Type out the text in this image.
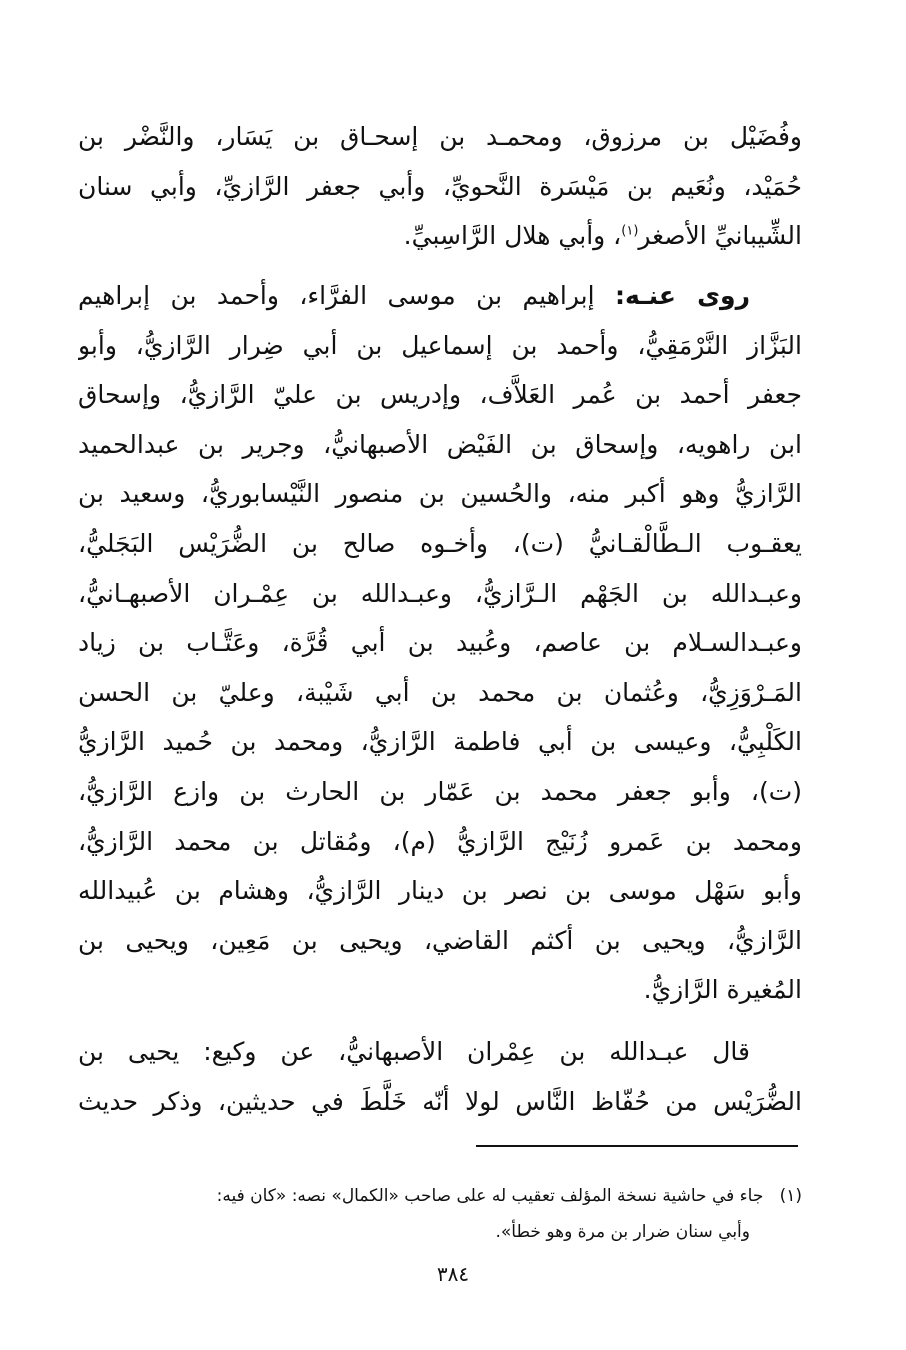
وفُضَيْل بن مرزوق، ومحمـد بن إسحـاق بن يَسَار، والنَّضْر بن
حُمَيْد، ونُعَيم بن مَيْسَرة النَّحويِّ، وأبي جعفر الرَّازيِّ، وأبي سنان
الشِّيبانيِّ الأصغر$^{(١)}$، وأبي هلال الرَّاسِبيِّ.
روى عنـه: إبراهيم بن موسى الفرَّاء، وأحمد بن إبراهيم
البَزَّاز النَّرْمَقِيُّ، وأحمد بن إسماعيل بن أبي ضِرار الرَّازيُّ، وأبو
جعفر أحمد بن عُمر العَلاَّف، وإدريس بن عليّ الرَّازيُّ، وإسحاق
ابن راهويه، وإسحاق بن الفَيْض الأصبهانيُّ، وجرير بن عبدالحميد
الرَّازيُّ وهو أكبر منه، والحُسين بن منصور النَّيْسابوريُّ، وسعيد بن
يعقـوب الـطَّالْقـانيُّ (ت)، وأخـوه صالح بن الضُّرَيْس البَجَليُّ،
وعبـدالله بن الجَهْم الـرَّازيُّ، وعبـدالله بن عِمْـران الأصبهـانيُّ،
وعبـدالسـلام بن عاصم، وعُبيد بن أبي قُرَّة، وعَتَّـاب بن زياد
المَـرْوَزِيُّ، وعُثمان بن محمد بن أبي شَيْبة، وعليّ بن الحسن
الكَلْبِيُّ، وعيسى بن أبي فاطمة الرَّازيُّ، ومحمد بن حُميد الرَّازيُّ
(ت)، وأبو جعفر محمد بن عَمّار بن الحارث بن وازع الرَّازيُّ،
ومحمد بن عَمرو زُنَيْج الرَّازيُّ (م)، ومُقاتل بن محمد الرَّازيُّ،
وأبو سَهْل موسى بن نصر بن دينار الرَّازيُّ، وهشام بن عُبيدالله
الرَّازيُّ، ويحيى بن أكثم القاضي، ويحيى بن مَعِين، ويحيى بن
المُغيرة الرَّازيُّ.
قال عبـدالله بن عِمْران الأصبهانيُّ، عن وكيع: يحيى بن
الضُّرَيْس من حُفّاظ النَّاس لولا أنّه خَلَّطَ في حديثين، وذكر حديث
(١)   جاء في حاشية نسخة المؤلف تعقيب له على صاحب «الكمال» نصه: «كان فيه:
وأبي سنان ضرار بن مرة وهو خطأ».
٣٨٤
